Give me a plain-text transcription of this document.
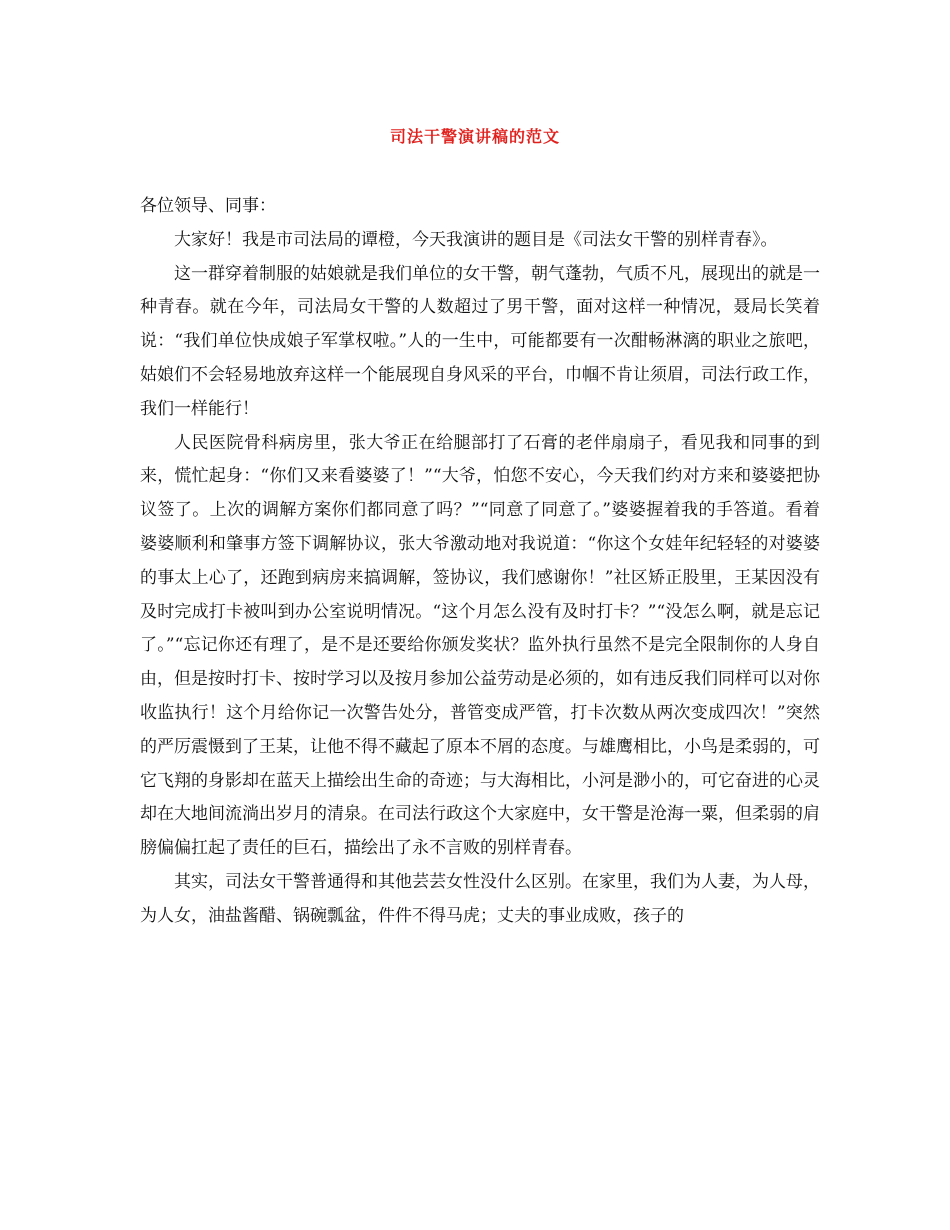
司法干警演讲稿的范文

各位领导、同事：

大家好！我是市司法局的谭橙，今天我演讲的题目是《司法女干警的别样青春》。

这一群穿着制服的姑娘就是我们单位的女干警，朝气蓬勃，气质不凡，展现出的就是一种青春。就在今年，司法局女干警的人数超过了男干警，面对这样一种情况，聂局长笑着说：“我们单位快成娘子军掌权啦。”人的一生中，可能都要有一次酣畅淋漓的职业之旅吧，姑娘们不会轻易地放弃这样一个能展现自身风采的平台，巾帼不肯让须眉，司法行政工作，我们一样能行！

人民医院骨科病房里，张大爷正在给腿部打了石膏的老伴扇扇子，看见我和同事的到来，慌忙起身：“你们又来看婆婆了！”“大爷，怕您不安心，今天我们约对方来和婆婆把协议签了。上次的调解方案你们都同意了吗？”“同意了同意了。”婆婆握着我的手答道。看着婆婆顺利和肇事方签下调解协议，张大爷激动地对我说道：“你这个女娃年纪轻轻的对婆婆的事太上心了，还跑到病房来搞调解，签协议，我们感谢你！”社区矫正股里，王某因没有及时完成打卡被叫到办公室说明情况。“这个月怎么没有及时打卡？”“没怎么啊，就是忘记了。”“忘记你还有理了，是不是还要给你颁发奖状？监外执行虽然不是完全限制你的人身自由，但是按时打卡、按时学习以及按月参加公益劳动是必须的，如有违反我们同样可以对你收监执行！这个月给你记一次警告处分，普管变成严管，打卡次数从两次变成四次！”突然的严厉震慑到了王某，让他不得不藏起了原本不屑的态度。与雄鹰相比，小鸟是柔弱的，可它飞翔的身影却在蓝天上描绘出生命的奇迹；与大海相比，小河是渺小的，可它奋进的心灵却在大地间流淌出岁月的清泉。在司法行政这个大家庭中，女干警是沧海一粟，但柔弱的肩膀偏偏扛起了责任的巨石，描绘出了永不言败的别样青春。

其实，司法女干警普通得和其他芸芸女性没什么区别。在家里，我们为人妻，为人母，为人女，油盐酱醋、锅碗瓢盆，件件不得马虎；丈夫的事业成败，孩子的
